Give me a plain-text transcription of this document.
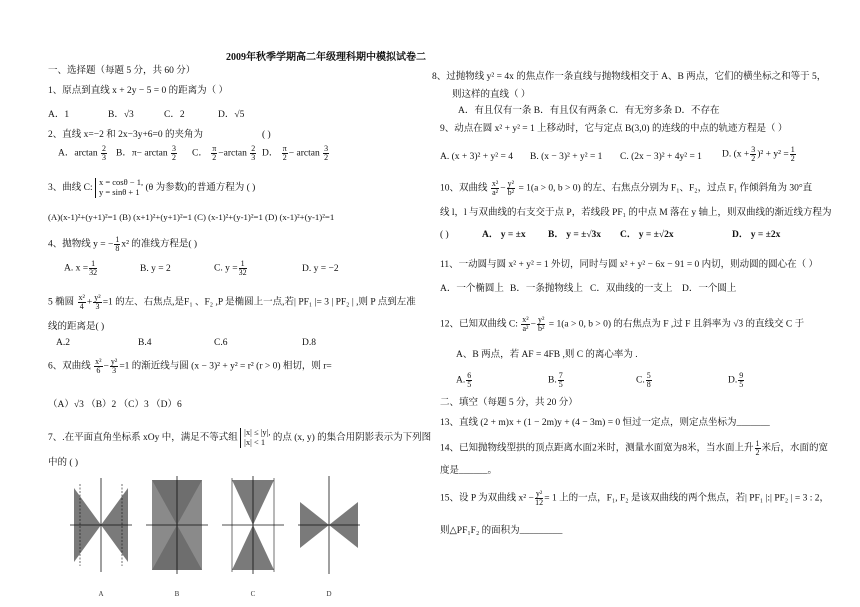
2009年秋季学期高二年级理科期中模拟试卷二
一、选择题（每题 5 分，共 60 分）
1、原点到直线 x + 2y − 5 = 0 的距离为（ ）
A．1	B．√3	C．2	D．√5
2、直线 x=−2 和 2x−3y+6=0 的夹角为	( )
A．$\arctan \frac{2}{3}$ B．$\pi- \arctan \frac{3}{2}$ C． $\frac{\pi}{2} -\arctan \frac{2}{3}$ D． $\frac{\pi}{2} - \arctan \frac{3}{2}$
3、曲线 C:
x = cosθ − 1,
y = sinθ + 1 (θ 为参数)的普通方程为 ( )
(A)(x-1)²+(y+1)²=1 (B) (x+1)²+(y+1)²=1 (C) (x-1)²+(y-1)²=1 (D) (x-1)²+(y-1)²=1
4、抛物线 y = − $\frac{1}{8} x^2$ 的准线方程是( )
A. $x = \frac{1}{32}$	B. y = 2	C. $y = \frac{1}{32}$	D. y = −2
5 椭圆 $\frac{\text{x²}}{4} + \frac{\text{y²}}{3} =1$ 的左、右焦点,是F₁ 、F₂ ,P 是椭圆上一点,若| PF₁ |= 3 | PF₂ | ,则 P 点到左准
线的距离是( )
A.2	B.4	C.6	D.8
6、双曲线 $\frac{\text{x²}}{6} - \frac{\text{y²}}{3} =1$ 的渐近线与圆 (x − 3)² + y² = r² (r > 0) 相切，则 r=
（A）√3 （B）2 （C）3 （D）6
7、.在平面直角坐标系 xOy 中，满足不等式组
|x| ≤ |y|,
|x| < 1 的点 (x, y) 的集合用阴影表示为下列图
中的 ( )
A	B	C	D
8、过抛物线 y² = 4x 的焦点作一条直线与抛物线相交于 A、B 两点，它们的横坐标之和等于 5，
则这样的直线（ ）
A．有且仅有一条 B．有且仅有两条 C．有无穷多条 D．不存在
9、动点在圆 x² + y² = 1 上移动时，它与定点 B(3,0) 的连线的中点的轨迹方程是（ ）
A. (x + 3)² + y² = 4 B. (x − 3)² + y² = 1 C. (2x − 3)² + 4y² = 1 D. $(x + \frac{3}{2} )^2 + y^2 = \frac{1}{2}$
10、双曲线 $\frac{\text{x²}}{\text{a²}} - \frac{\text{y²}}{\text{b²}} = 1(a > 0$, b > 0) 的左、右焦点分别为 F₁、F₂，过点 F₁ 作倾斜角为 30°直
线 l，l 与双曲线的右支交于点 P，若线段 PF₁ 的中点 M 落在 y 轴上，则双曲线的渐近线方程为
( )	A． y = ±x B． y = ±√3x C． y = ±√2x	D． y = ±2x
11、一动圆与圆 x² + y² = 1 外切，同时与圆 x² + y² − 6x − 91 = 0 内切，则动圆的圆心在（ ）
A．一个椭圆上 B．一条抛物线上 C．双曲线的一支上 D．一个圆上
12、已知双曲线 C: $\frac{\text{x²}}{\text{a²}} - \frac{\text{y²}}{\text{b²}} = 1(a > 0$, b > 0) 的右焦点为 F ,过 F 且斜率为 √3 的直线交 C 于
A、B 两点，若 AF = 4FB ,则 C 的离心率为 .
A. $\frac{6}{5}$	B. $\frac{7}{5}$	C. $\frac{5}{8}$	D. $\frac{9}{5}$
二、填空（每题 5 分，共 20 分）
13、直线 (2 + m)x + (1 − 2m)y + (4 − 3m) = 0 恒过一定点，则定点坐标为_______
14、已知抛物线型拱的顶点距离水面2米时，测量水面宽为8米，当水面上升 $\frac{1}{2}$ 米后，水面的宽
度是______。
15、设 P 为双曲线 $x^2 - \frac{\text{y²}}{12} = 1$ 上的一点，F₁, F₂ 是该双曲线的两个焦点，若| PF₁ |:| PF₂ | = 3 : 2，
则△PF₁F₂ 的面积为_________
